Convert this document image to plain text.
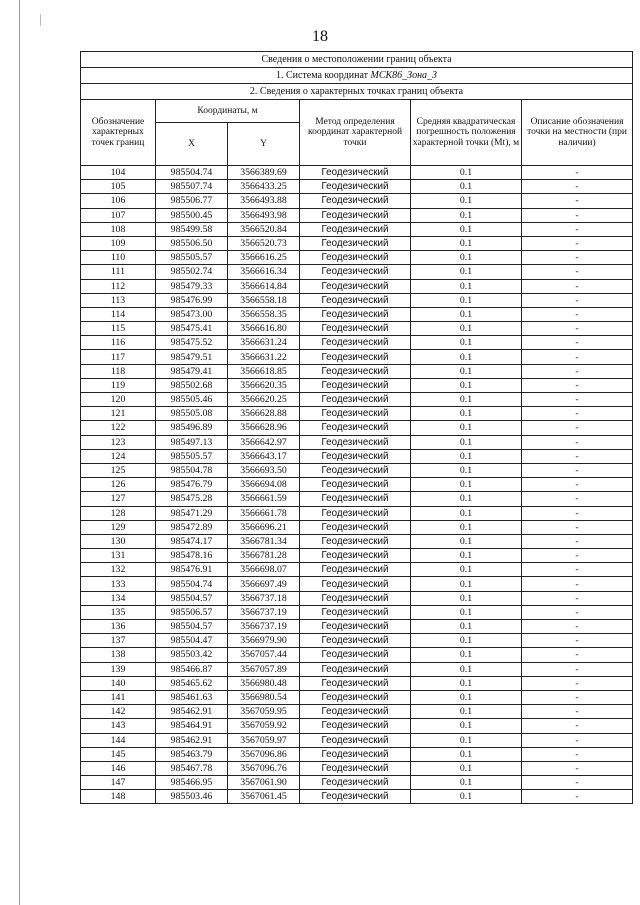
18
Сведения о местоположении границ объекта					
1. Система координат МСК86_Зона_3					
2. Сведения о характерных точках границ объекта					
Обозначение характерных точек границ	Координаты, м		Метод определения координат характерной точки	Средняя квадратическая погрешность положения характерной точки (Mt), м	Описание обозначения точки на местности (при наличии)
	X	Y			
104	985504.74	3566389.69	Геодезический	0.1	-
105	985507.74	3566433.25	Геодезический	0.1	-
106	985506.77	3566493.88	Геодезический	0.1	-
107	985500.45	3566493.98	Геодезический	0.1	-
108	985499.58	3566520.84	Геодезический	0.1	-
109	985506.50	3566520.73	Геодезический	0.1	-
110	985505.57	3566616.25	Геодезический	0.1	-
111	985502.74	3566616.34	Геодезический	0.1	-
112	985479.33	3566614.84	Геодезический	0.1	-
113	985476.99	3566558.18	Геодезический	0.1	-
114	985473.00	3566558.35	Геодезический	0.1	-
115	985475.41	3566616.80	Геодезический	0.1	-
116	985475.52	3566631.24	Геодезический	0.1	-
117	985479.51	3566631.22	Геодезический	0.1	-
118	985479.41	3566618.85	Геодезический	0.1	-
119	985502.68	3566620.35	Геодезический	0.1	-
120	985505.46	3566620.25	Геодезический	0.1	-
121	985505.08	3566628.88	Геодезический	0.1	-
122	985496.89	3566628.96	Геодезический	0.1	-
123	985497.13	3566642.97	Геодезический	0.1	-
124	985505.57	3566643.17	Геодезический	0.1	-
125	985504.78	3566693.50	Геодезический	0.1	-
126	985476.79	3566694.08	Геодезический	0.1	-
127	985475.28	3566661.59	Геодезический	0.1	-
128	985471.29	3566661.78	Геодезический	0.1	-
129	985472.89	3566696.21	Геодезический	0.1	-
130	985474.17	3566781.34	Геодезический	0.1	-
131	985478.16	3566781.28	Геодезический	0.1	-
132	985476.91	3566698.07	Геодезический	0.1	-
133	985504.74	3566697.49	Геодезический	0.1	-
134	985504.57	3566737.18	Геодезический	0.1	-
135	985506.57	3566737.19	Геодезический	0.1	-
136	985504.57	3566737.19	Геодезический	0.1	-
137	985504.47	3566979.90	Геодезический	0.1	-
138	985503.42	3567057.44	Геодезический	0.1	-
139	985466.87	3567057.89	Геодезический	0.1	-
140	985465.62	3566980.48	Геодезический	0.1	-
141	985461.63	3566980.54	Геодезический	0.1	-
142	985462.91	3567059.95	Геодезический	0.1	-
143	985464.91	3567059.92	Геодезический	0.1	-
144	985462.91	3567059.97	Геодезический	0.1	-
145	985463.79	3567096.86	Геодезический	0.1	-
146	985467.78	3567096.76	Геодезический	0.1	-
147	985466.95	3567061.90	Геодезический	0.1	-
148	985503.46	3567061.45	Геодезический	0.1	-
